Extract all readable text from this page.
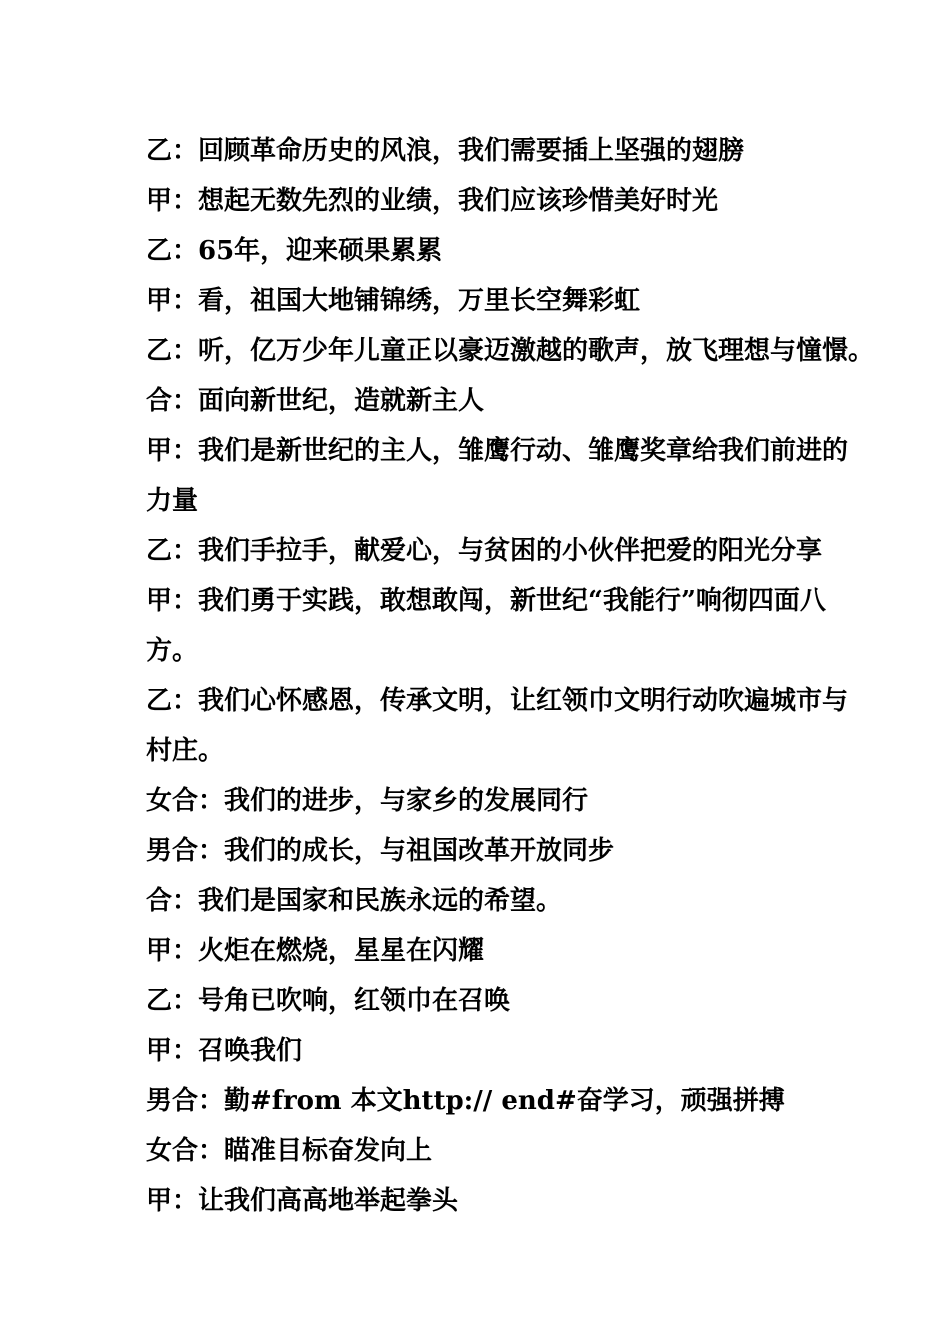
乙：回顾革命历史的风浪，我们需要插上坚强的翅膀
甲：想起无数先烈的业绩，我们应该珍惜美好时光
乙：65年，迎来硕果累累
甲：看，祖国大地铺锦绣，万里长空舞彩虹
乙：听，亿万少年儿童正以豪迈激越的歌声，放飞理想与憧憬。
合：面向新世纪，造就新主人
甲：我们是新世纪的主人，雏鹰行动、雏鹰奖章给我们前进的
力量
乙：我们手拉手，献爱心，与贫困的小伙伴把爱的阳光分享
甲：我们勇于实践，敢想敢闯，新世纪“我能行”响彻四面八
方。
乙：我们心怀感恩，传承文明，让红领巾文明行动吹遍城市与
村庄。
女合：我们的进步，与家乡的发展同行
男合：我们的成长，与祖国改革开放同步
合：我们是国家和民族永远的希望。
甲：火炬在燃烧，星星在闪耀
乙：号角已吹响，红领巾在召唤
甲：召唤我们
男合：勤#from 本文http:// end#奋学习，顽强拼搏
女合：瞄准目标奋发向上
甲：让我们高高地举起拳头
